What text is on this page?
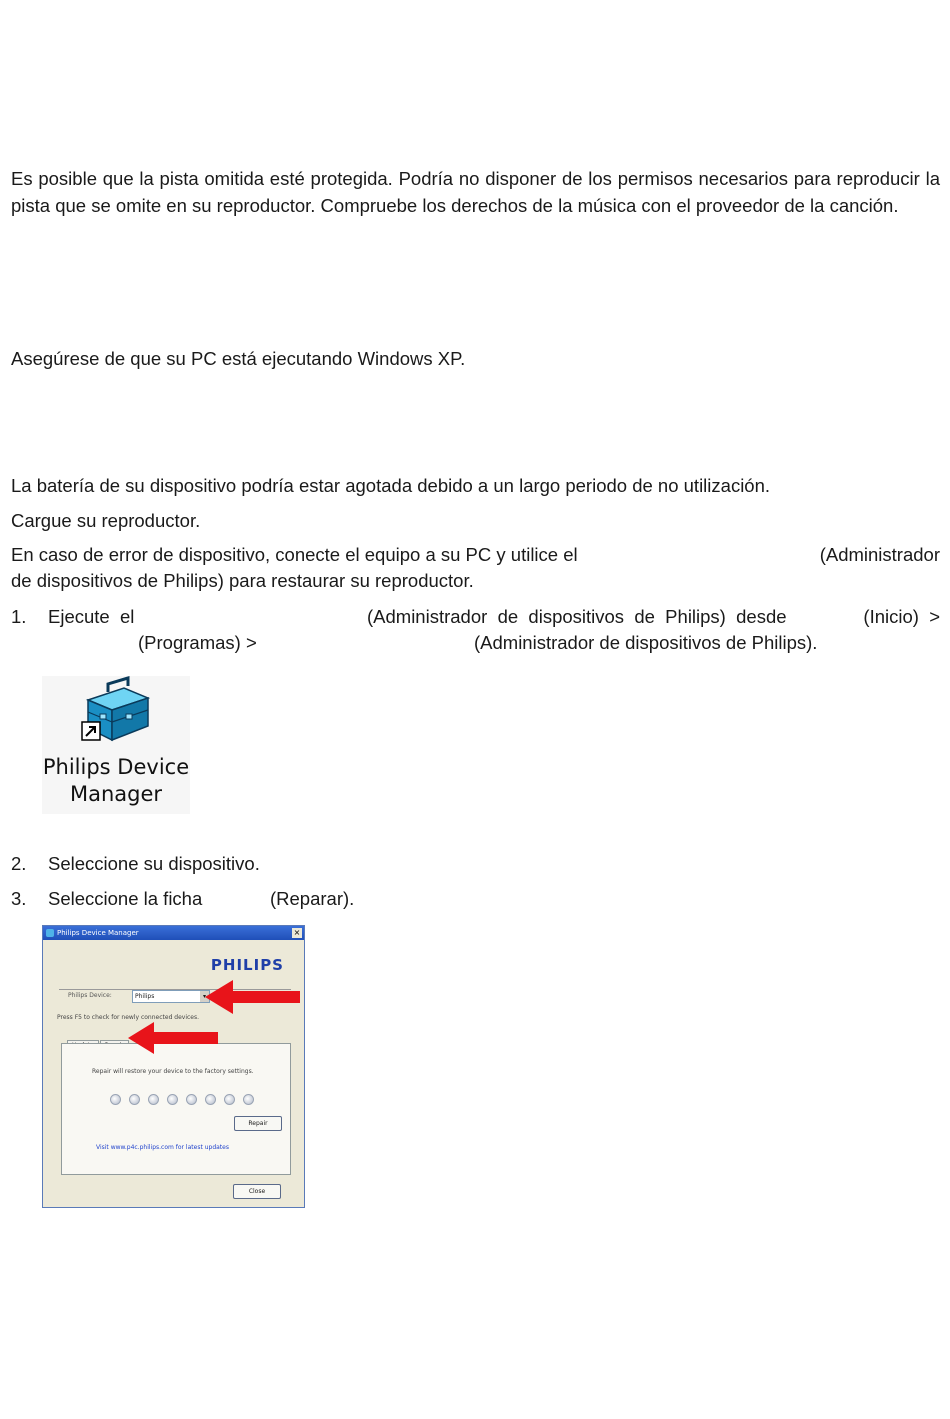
Es posible que la pista omitida esté protegida. Podría no disponer de los permisos necesarios para reproducir la pista que se omite en su reproductor. Compruebe los derechos de la música con el proveedor de la canción.
Asegúrese de que su PC está ejecutando Windows XP.
La batería de su dispositivo podría estar agotada debido a un largo periodo de no utilización.
Cargue su reproductor.
En caso de error de dispositivo, conecte el equipo a su PC y utilice el	(Administrador
de dispositivos de Philips) para restaurar su reproductor.
1. Ejecute  el	(Administrador  de  dispositivos  de  Philips)  desde	(Inicio)  >
(Programas) >	(Administrador de dispositivos de Philips).
Philips Device
Manager
2. Seleccione su dispositivo.
3. Seleccione la ficha	(Reparar).
Philips Device Manager	×
PHILIPS
Philips Device:	Philips	▾
Press F5 to check for newly connected devices.
Repair will restore your device to the factory settings.
Repair
Visit www.p4c.philips.com for latest updates
Close
